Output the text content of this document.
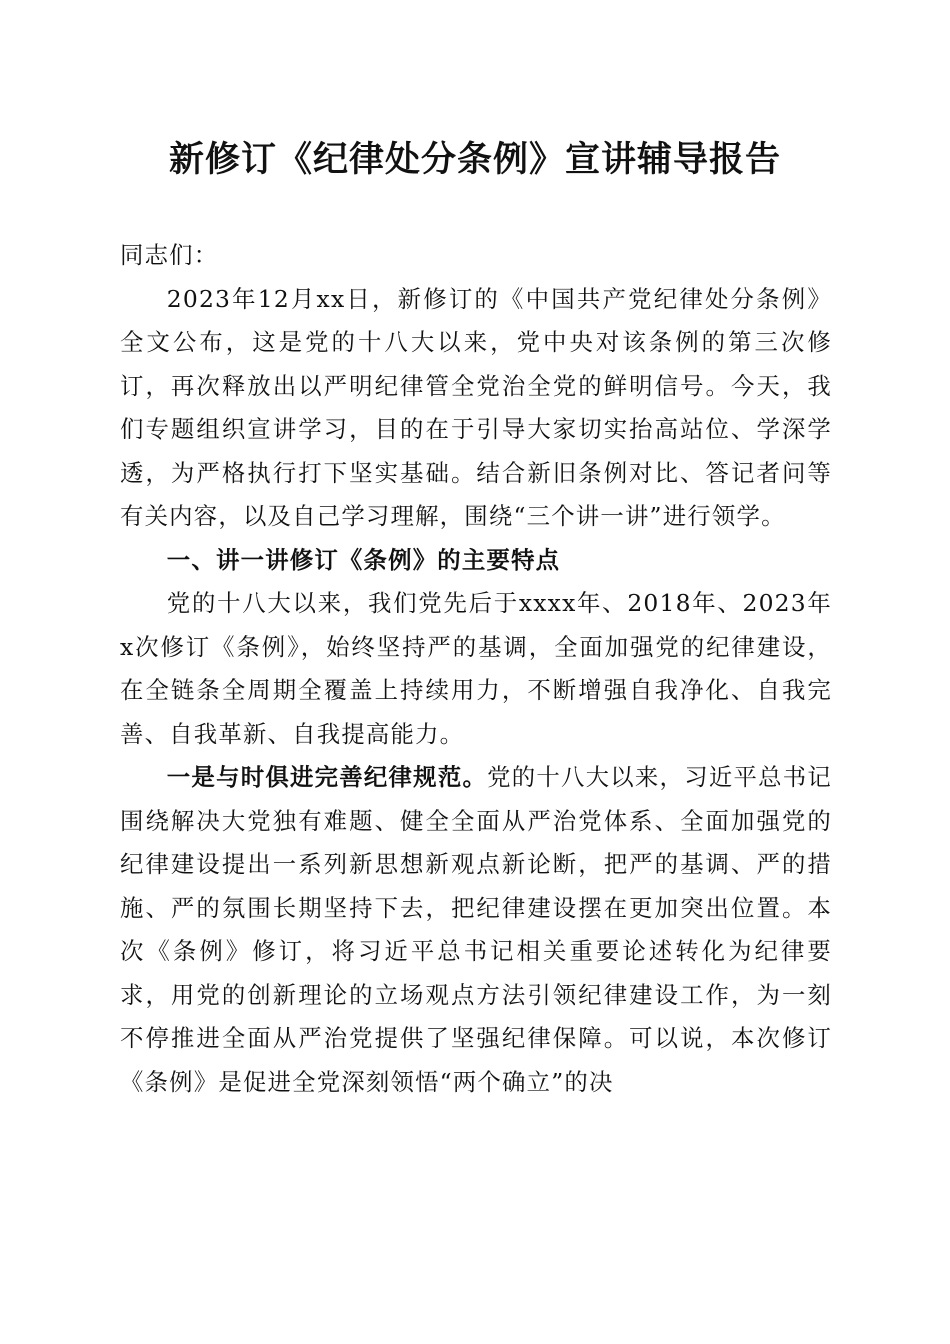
新修订《纪律处分条例》宣讲辅导报告

同志们：

2023年12月xx日，新修订的《中国共产党纪律处分条例》全文公布，这是党的十八大以来，党中央对该条例的第三次修订，再次释放出以严明纪律管全党治全党的鲜明信号。今天，我们专题组织宣讲学习，目的在于引导大家切实抬高站位、学深学透，为严格执行打下坚实基础。结合新旧条例对比、答记者问等有关内容，以及自己学习理解，围绕“三个讲一讲”进行领学。

一、讲一讲修订《条例》的主要特点

党的十八大以来，我们党先后于xxxx年、2018年、2023年x次修订《条例》，始终坚持严的基调，全面加强党的纪律建设，在全链条全周期全覆盖上持续用力，不断增强自我净化、自我完善、自我革新、自我提高能力。

一是与时俱进完善纪律规范。党的十八大以来，习近平总书记围绕解决大党独有难题、健全全面从严治党体系、全面加强党的纪律建设提出一系列新思想新观点新论断，把严的基调、严的措施、严的氛围长期坚持下去，把纪律建设摆在更加突出位置。本次《条例》修订，将习近平总书记相关重要论述转化为纪律要求，用党的创新理论的立场观点方法引领纪律建设工作，为一刻不停推进全面从严治党提供了坚强纪律保障。可以说，本次修订《条例》是促进全党深刻领悟“两个确立”的决
